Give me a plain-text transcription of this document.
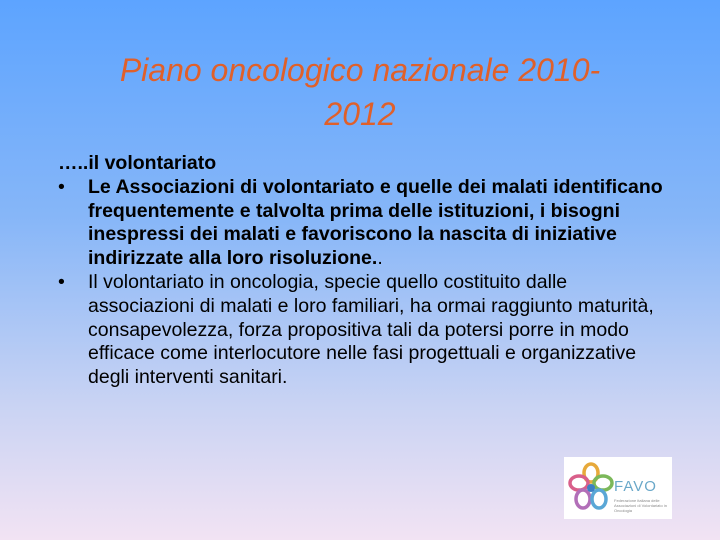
Piano oncologico nazionale 2010-
2012

…..il volontariato

• Le Associazioni di volontariato e quelle dei malati identificano frequentemente e talvolta prima delle istituzioni, i bisogni inespressi dei malati e favoriscono la nascita di iniziative indirizzate alla loro risoluzione..

• Il volontariato in oncologia, specie quello costituito dalle associazioni di malati e loro familiari, ha ormai raggiunto maturità, consapevolezza, forza propositiva tali da potersi porre in modo efficace come interlocutore nelle fasi progettuali e organizzative degli interventi sanitari.

FAVO
Federazione italiana delle Associazioni di Volontariato in Oncologia
